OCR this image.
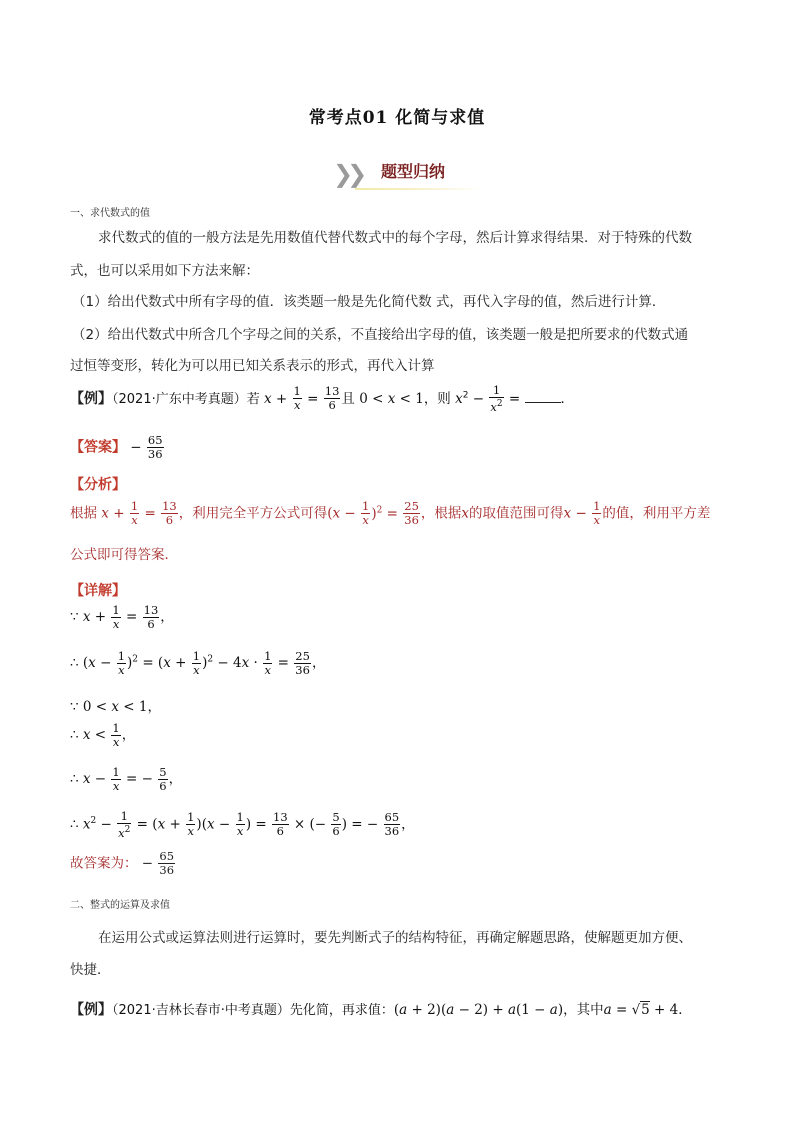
常考点01 化简与求值
❯❯ 题型归纳
一、求代数式的值
求代数式的值的一般方法是先用数值代替代数式中的每个字母，然后计算求得结果．对于特殊的代数
式，也可以采用如下方法来解：
（1）给出代数式中所有字母的值．该类题一般是先化简代数 式，再代入字母的值，然后进行计算．
（2）给出代数式中所含几个字母之间的关系，不直接给出字母的值，该类题一般是把所要求的代数式通
过恒等变形，转化为可以用已知关系表示的形式，再代入计算
【例】（2021·广东中考真题）若 $x + \frac{1}{x} = \frac{13}{6}$ 且 0 < x < 1，则 $x^2 - \frac{1}{x^2}$ =	．
【答案】 − $\frac{65}{36}$
【分析】
根据 $x + \frac{1}{x} = \frac{13}{6}$ ，利用完全平方公式可得$(x - \frac{1}{x} )^2 = \frac{25}{36}$ ，根据x的取值范围可得$x - \frac{1}{x}$ 的值，利用平方差
公式即可得答案．
【详解】
∵ $x + \frac{1}{x} = \frac{13}{6}$ ，
∴ $(x - \frac{1}{x} )^2 = (x + \frac{1}{x} )^2 - 4x \cdot \frac{1}{x} = \frac{25}{36}$ ，
∵ 0 < x < 1，
∴ $x < \frac{1}{x}$ ，
∴ $x - \frac{1}{x}$ = − $\frac{5}{6}$ ，
∴ $x^2 - \frac{1}{x^2} = (x + \frac{1}{x} )(x - \frac{1}{x}$ ) = $\frac{13}{6}$ × (− $\frac{5}{6}$ ) = − $\frac{65}{36}$ ，
故答案为： − $\frac{65}{36}$
二、整式的运算及求值
在运用公式或运算法则进行运算时，要先判断式子的结构特征，再确定解题思路，使解题更加方便、
快捷．
【例】（2021·吉林长春市·中考真题）先化简，再求值：(a + 2)(a − 2) + a(1 − a)，其中a = √5 + 4．
